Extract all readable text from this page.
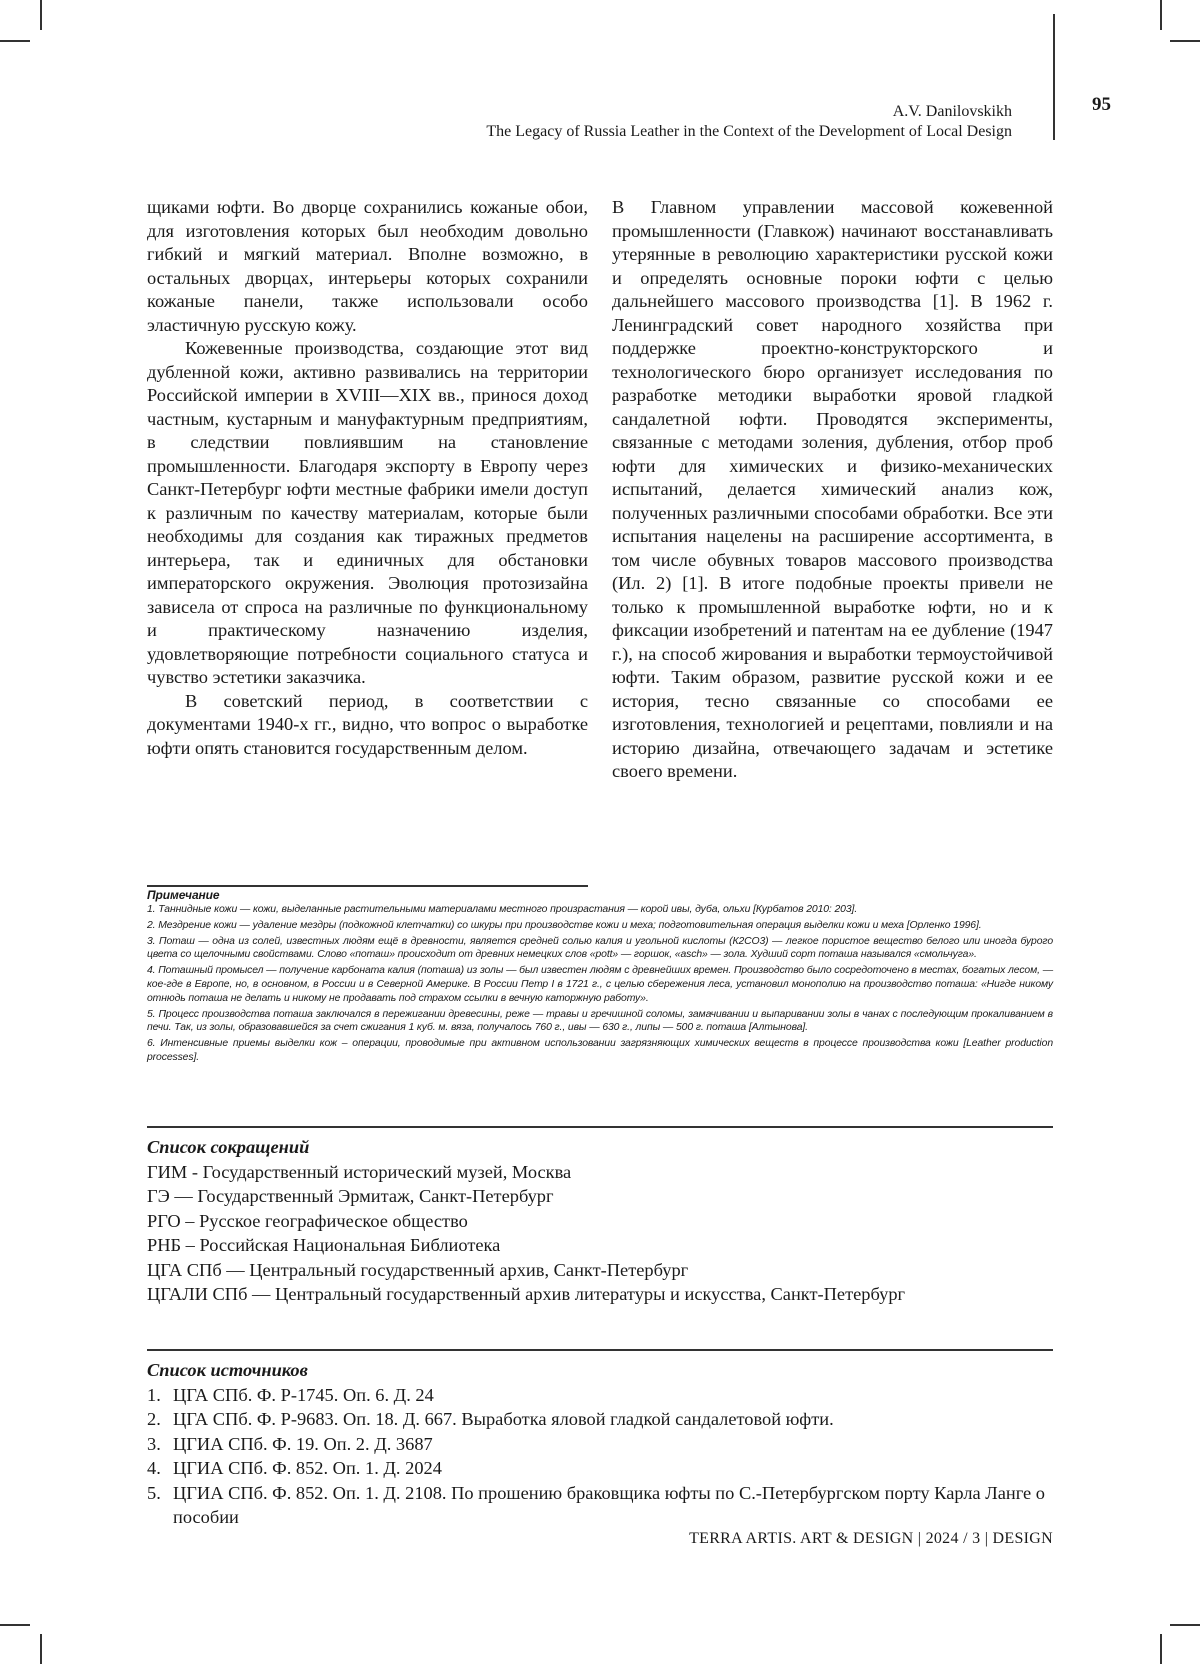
A.V. Danilovskikh
The Legacy of Russia Leather in the Context of the Development of Local Design
95

щиками юфти. Во дворце сохранились кожаные обои, для изготовления которых был необходим довольно гибкий и мягкий материал. Вполне возможно, в остальных дворцах, интерьеры которых сохранили кожаные панели, также использовали особо эластичную русскую кожу.

Кожевенные производства, создающие этот вид дубленной кожи, активно развивались на территории Российской империи в XVIII—XIX вв., принося доход частным, кустарным и мануфактурным предприятиям, в следствии повлиявшим на становление промышленности. Благодаря экспорту в Европу через Санкт-Петербург юфти местные фабрики имели доступ к различным по качеству материалам, которые были необходимы для создания как тиражных предметов интерьера, так и единичных для обстановки императорского окружения. Эволюция протозизайна зависела от спроса на различные по функциональному и практическому назначению изделия, удовлетворяющие потребности социального статуса и чувство эстетики заказчика.

В советский период, в соответствии с документами 1940-х гг., видно, что вопрос о выработке юфти опять становится государственным делом.

В Главном управлении массовой кожевенной промышленности (Главкож) начинают восстанавливать утерянные в революцию характеристики русской кожи и определять основные пороки юфти с целью дальнейшего массового производства [1]. В 1962 г. Ленинградский совет народного хозяйства при поддержке проектно-конструкторского и технологического бюро организует исследования по разработке методики выработки яровой гладкой сандалетной юфти. Проводятся эксперименты, связанные с методами золения, дубления, отбор проб юфти для химических и физико-механических испытаний, делается химический анализ кож, полученных различными способами обработки. Все эти испытания нацелены на расширение ассортимента, в том числе обувных товаров массового производства (Ил. 2) [1]. В итоге подобные проекты привели не только к промышленной выработке юфти, но и к фиксации изобретений и патентам на ее дубление (1947 г.), на способ жирования и выработки термоустойчивой юфти. Таким образом, развитие русской кожи и ее история, тесно связанные со способами ее изготовления, технологией и рецептами, повлияли и на историю дизайна, отвечающего задачам и эстетике своего времени.

Примечание

1. Таннидные кожи — кожи, выделанные растительными материалами местного произрастания — корой ивы, дуба, ольхи [Курбатов 2010: 203].

2. Мездрение кожи — удаление мездры (подкожной клетчатки) со шкуры при производстве кожи и меха; подготовительная операция выделки кожи и меха [Орленко 1996].

3. Поташ — одна из солей, известных людям ещё в древности, является средней солью калия и угольной кислоты (К2СО3) — легкое пористое вещество белого или иногда бурого цвета со щелочными свойствами. Слово «поташ» происходит от древних немецких слов «pott» — горшок, «asch» — зола. Худший сорт поташа назывался «смольчуга».

4. Поташный промысел — получение карбоната калия (поташа) из золы — был известен людям с древнейших времен. Производство было сосредоточено в местах, богатых лесом, — кое-где в Европе, но, в основном, в России и в Северной Америке. В России Петр I в 1721 г., с целью сбережения леса, установил монополию на производство поташа: «Нигде никому отнюдь поташа не делать и никому не продавать под страхом ссылки в вечную каторжную работу».

5. Процесс производства поташа заключался в пережигании древесины, реже — травы и гречишной соломы, замачивании и выпаривании золы в чанах с последующим прокаливанием в печи. Так, из золы, образовавшейся за счет сжигания 1 куб. м. вяза, получалось 760 г., ивы — 630 г., липы — 500 г. поташа [Алтынова].

6. Интенсивные приемы выделки кож – операции, проводимые при активном использовании загрязняющих химических веществ в процессе производства кожи [Leather production processes].

Список сокращений
ГИМ - Государственный исторический музей, Москва
ГЭ — Государственный Эрмитаж, Санкт-Петербург
РГО – Русское географическое общество
РНБ – Российская Национальная Библиотека
ЦГА СПб — Центральный государственный архив, Санкт-Петербург
ЦГАЛИ СПб — Центральный государственный архив литературы и искусства, Санкт-Петербург
Список источников
1. ЦГА СПб. Ф. Р-1745. Оп. 6. Д. 24
2. ЦГА СПб. Ф. Р-9683. Оп. 18. Д. 667. Выработка яловой гладкой сандалетовой юфти.
3. ЦГИА СПб. Ф. 19. Оп. 2. Д. 3687
4. ЦГИА СПб. Ф. 852. Оп. 1. Д. 2024
5. ЦГИА СПб. Ф. 852. Оп. 1. Д. 2108. По прошению браковщика юфты по С.-Петербургском порту Карла Ланге о пособии
TERRA ARTIS. ART & DESIGN | 2024 / 3 | DESIGN
